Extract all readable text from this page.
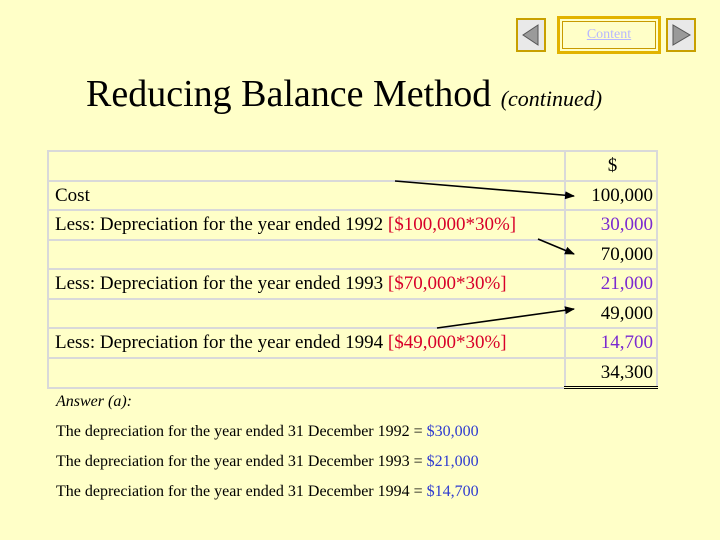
Content
Reducing Balance Method (continued)
	$
Cost	100,000
Less: Depreciation for the year ended 1992 [$100,000*30%]	30,000
	70,000
Less: Depreciation for the year ended 1993 [$70,000*30%]	21,000
	49,000
Less: Depreciation for the year ended 1994 [$49,000*30%]	14,700
	34,300
Answer (a):
The depreciation for the year ended 31 December 1992 = $30,000
The depreciation for the year ended 31 December 1993 = $21,000
The depreciation for the year ended 31 December 1994 = $14,700
